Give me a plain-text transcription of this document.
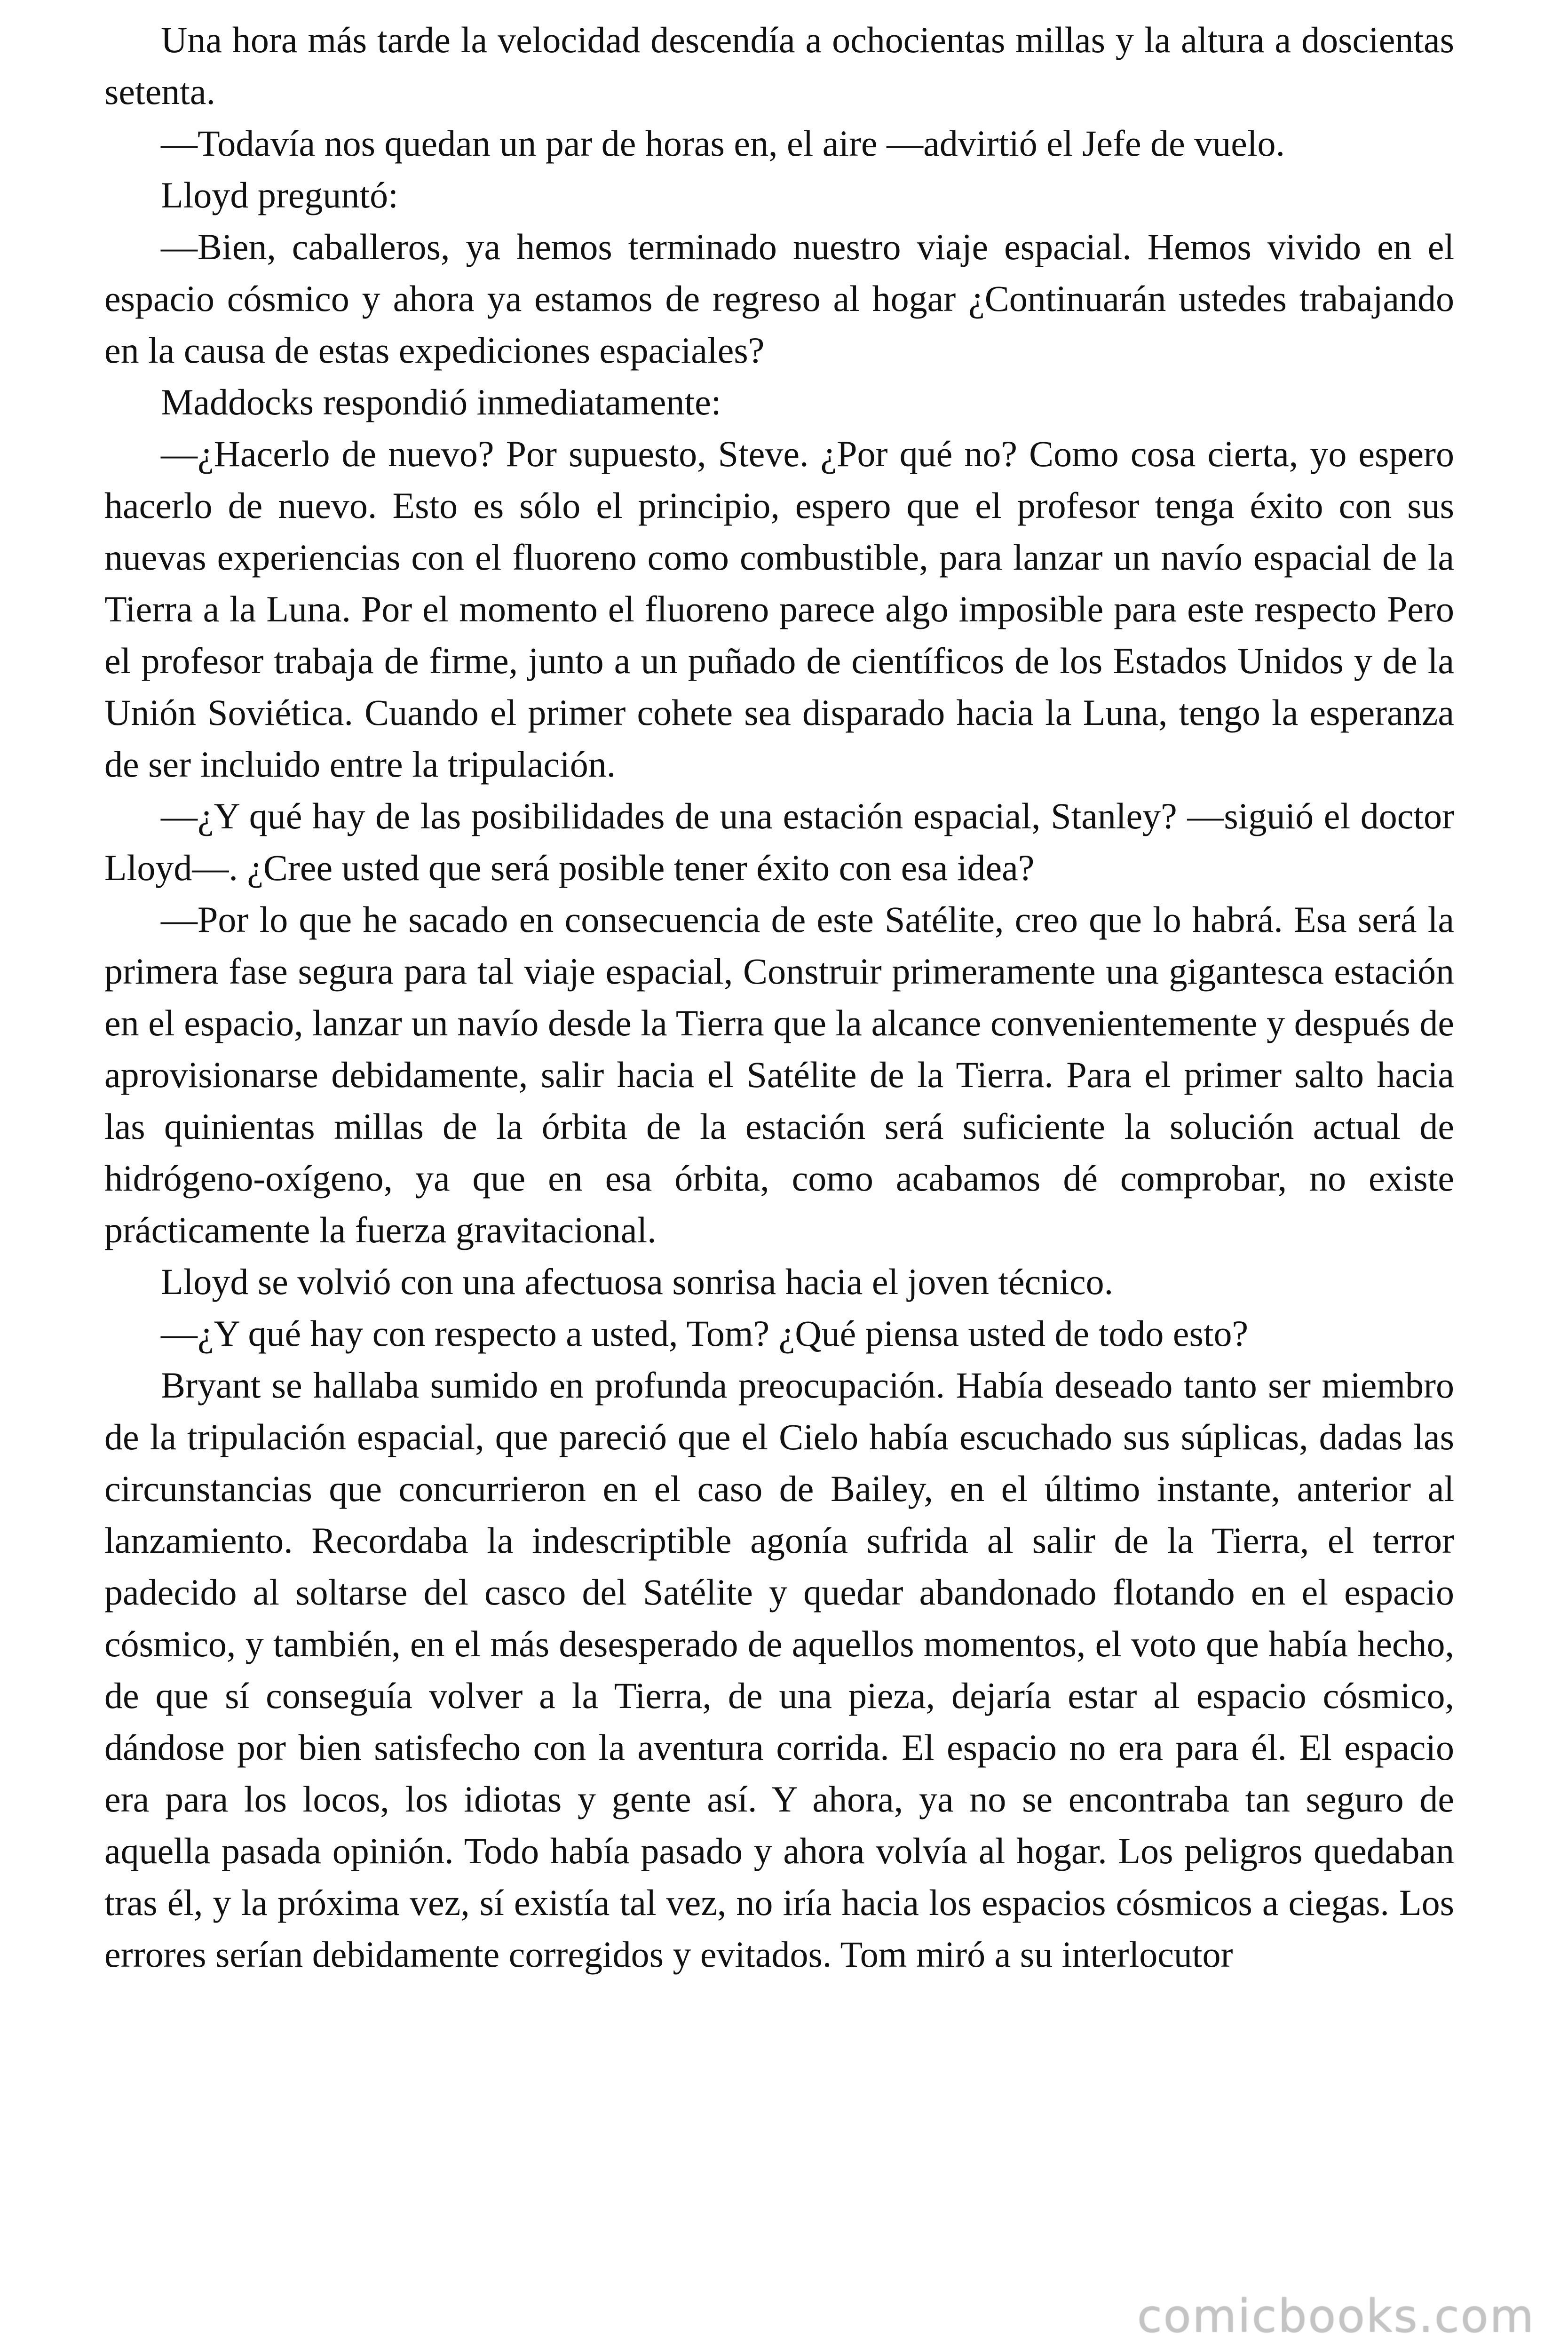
Una hora más tarde la velocidad descendía a ochocientas millas y la altura a doscientas setenta.

—Todavía nos quedan un par de horas en, el aire —advirtió el Jefe de vuelo.

Lloyd preguntó:

—Bien, caballeros, ya hemos terminado nuestro viaje espacial. Hemos vivido en el espacio cósmico y ahora ya estamos de regreso al hogar ¿Continuarán ustedes trabajando en la causa de estas expediciones espaciales?

Maddocks respondió inmediatamente:

—¿Hacerlo de nuevo? Por supuesto, Steve. ¿Por qué no? Como cosa cierta, yo espero hacerlo de nuevo. Esto es sólo el principio, espero que el profesor tenga éxito con sus nuevas experiencias con el fluoreno como combustible, para lanzar un navío espacial de la Tierra a la Luna. Por el momento el fluoreno parece algo imposible para este respecto Pero el profesor trabaja de firme, junto a un puñado de científicos de los Estados Unidos y de la Unión Soviética. Cuando el primer cohete sea disparado hacia la Luna, tengo la esperanza de ser incluido entre la tripulación.

—¿Y qué hay de las posibilidades de una estación espacial, Stanley? —siguió el doctor Lloyd—. ¿Cree usted que será posible tener éxito con esa idea?

—Por lo que he sacado en consecuencia de este Satélite, creo que lo habrá. Esa será la primera fase segura para tal viaje espacial, Construir primeramente una gigantesca estación en el espacio, lanzar un navío desde la Tierra que la alcance convenientemente y después de aprovisionarse debidamente, salir hacia el Satélite de la Tierra. Para el primer salto hacia las quinientas millas de la órbita de la estación será suficiente la solución actual de hidrógeno-oxígeno, ya que en esa órbita, como acabamos dé comprobar, no existe prácticamente la fuerza gravitacional.

Lloyd se volvió con una afectuosa sonrisa hacia el joven técnico.

—¿Y qué hay con respecto a usted, Tom? ¿Qué piensa usted de todo esto?

Bryant se hallaba sumido en profunda preocupación. Había deseado tanto ser miembro de la tripulación espacial, que pareció que el Cielo había escuchado sus súplicas, dadas las circunstancias que concurrieron en el caso de Bailey, en el último instante, anterior al lanzamiento. Recordaba la indescriptible agonía sufrida al salir de la Tierra, el terror padecido al soltarse del casco del Satélite y quedar abandonado flotando en el espacio cósmico, y también, en el más desesperado de aquellos momentos, el voto que había hecho, de que sí conseguía volver a la Tierra, de una pieza, dejaría estar al espacio cósmico, dándose por bien satisfecho con la aventura corrida. El espacio no era para él. El espacio era para los locos, los idiotas y gente así. Y ahora, ya no se encontraba tan seguro de aquella pasada opinión. Todo había pasado y ahora volvía al hogar. Los peligros quedaban tras él, y la próxima vez, sí existía tal vez, no iría hacia los espacios cósmicos a ciegas. Los errores serían debidamente corregidos y evitados. Tom miró a su interlocutor

comicbooks.com
